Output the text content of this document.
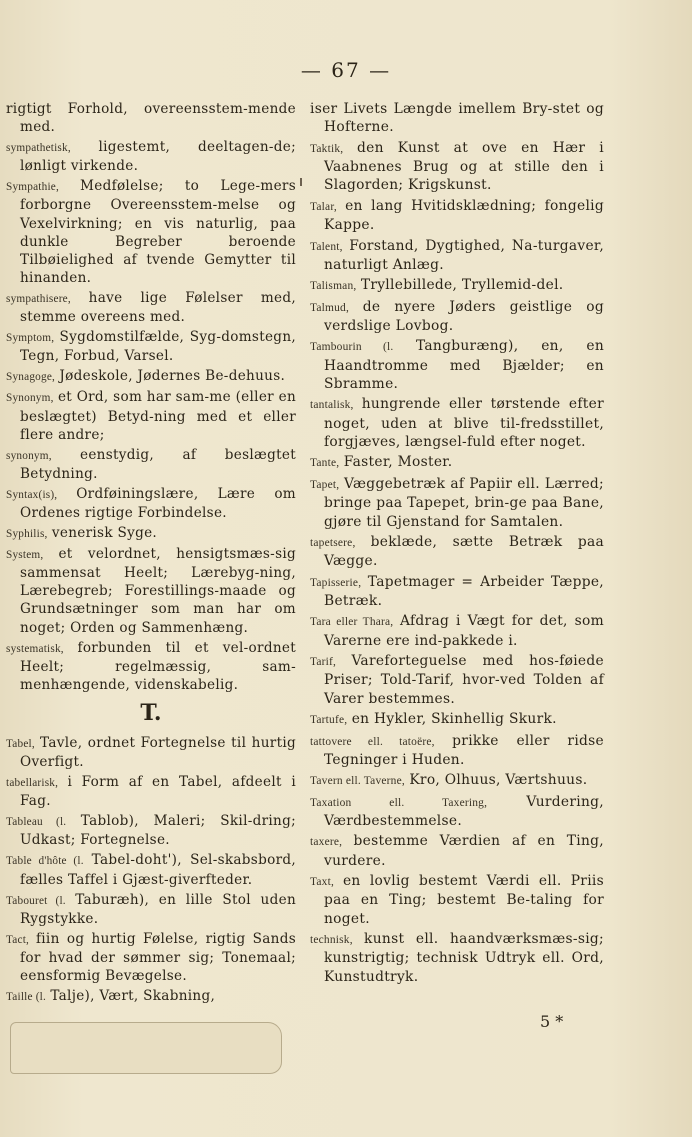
— 67 —
rigtigt Forhold, overeensstem-mende med.
sympathetisk, ligestemt, deeltagen-de; lønligt virkende.
Sympathie, Medfølelse; to Lege-mers forborgne Overeensstem-melse og Vexelvirkning; en vis naturlig, paa dunkle Begreber beroende Tilbøielighed af tvende Gemytter til hinanden.
sympathisere, have lige Følelser med, stemme overeens med.
Symptom, Sygdomstilfælde, Syg-domstegn, Tegn, Forbud, Varsel.
Synagoge, Jødeskole, Jødernes Be-dehuus.
Synonym, et Ord, som har sam-me (eller en beslægtet) Betyd-ning med et eller flere andre;
synonym, eenstydig, af beslægtet Betydning.
Syntax(is), Ordføiningslære, Lære om Ordenes rigtige Forbindelse.
Syphilis, venerisk Syge.
System, et velordnet, hensigtsmæs-sig sammensat Heelt; Lærebyg-ning, Lærebegreb; Forestillings-maade og Grundsætninger som man har om noget; Orden og Sammenhæng.
systematisk, forbunden til et vel-ordnet Heelt; regelmæssig, sam-menhængende, videnskabelig.
T.
Tabel, Tavle, ordnet Fortegnelse til hurtig Overfigt.
tabellarisk, i Form af en Tabel, afdeelt i Fag.
Tableau (l. Tablob), Maleri; Skil-dring; Udkast; Fortegnelse.
Table d'hôte (l. Tabel-doht'), Sel-skabsbord, fælles Taffel i Gjæst-giverfteder.
Tabouret (l. Taburæh), en lille Stol uden Rygstykke.
Tact, fiin og hurtig Følelse, rigtig Sands for hvad der sømmer sig; Tonemaal; eensformig Bevægelse.
Taille (l. Talje), Vært, Skabning,
iser Livets Længde imellem Bry-stet og Hofterne.
Taktik, den Kunst at ove en Hær i Vaabnenes Brug og at stille den i Slagorden; Krigskunst.
Talar, en lang Hvitidsklædning; fongelig Kappe.
Talent, Forstand, Dygtighed, Na-turgaver, naturligt Anlæg.
Talisman, Tryllebillede, Tryllemid-del.
Talmud, de nyere Jøders geistlige og verdslige Lovbog.
Tambourin (l. Tangburæng), en, en Haandtromme med Bjælder; en Sbramme.
tantalisk, hungrende eller tørstende efter noget, uden at blive til-fredsstillet, forgjæves, længsel-fuld efter noget.
Tante, Faster, Moster.
Tapet, Væggebetræk af Papiir ell. Lærred; bringe paa Tapepet, brin-ge paa Bane, gjøre til Gjenstand for Samtalen.
tapetsere, beklæde, sætte Betræk paa Vægge.
Tapisserie, Tapetmager = Arbeider Tæppe, Betræk.
Tara eller Thara, Afdrag i Vægt for det, som Varerne ere ind-pakkede i.
Tarif, Vareforteguelse med hos-føiede Priser; Told-Tarif, hvor-ved Tolden af Varer bestemmes.
Tartufe, en Hykler, Skinhellig Skurk.
tattovere ell. tatoëre, prikke eller ridse Tegninger i Huden.
Tavern ell. Taverne, Kro, Olhuus, Værtshuus.
Taxation ell. Taxering,	Vurdering, Værdbestemmelse.
taxere, bestemme Værdien af en Ting, vurdere.
Taxt, en lovlig bestemt Værdi ell. Priis paa en Ting; bestemt Be-taling for noget.
technisk, kunst ell. haandværksmæs-sig; kunstrigtig; technisk Udtryk ell. Ord, Kunstudtryk.
5 *
